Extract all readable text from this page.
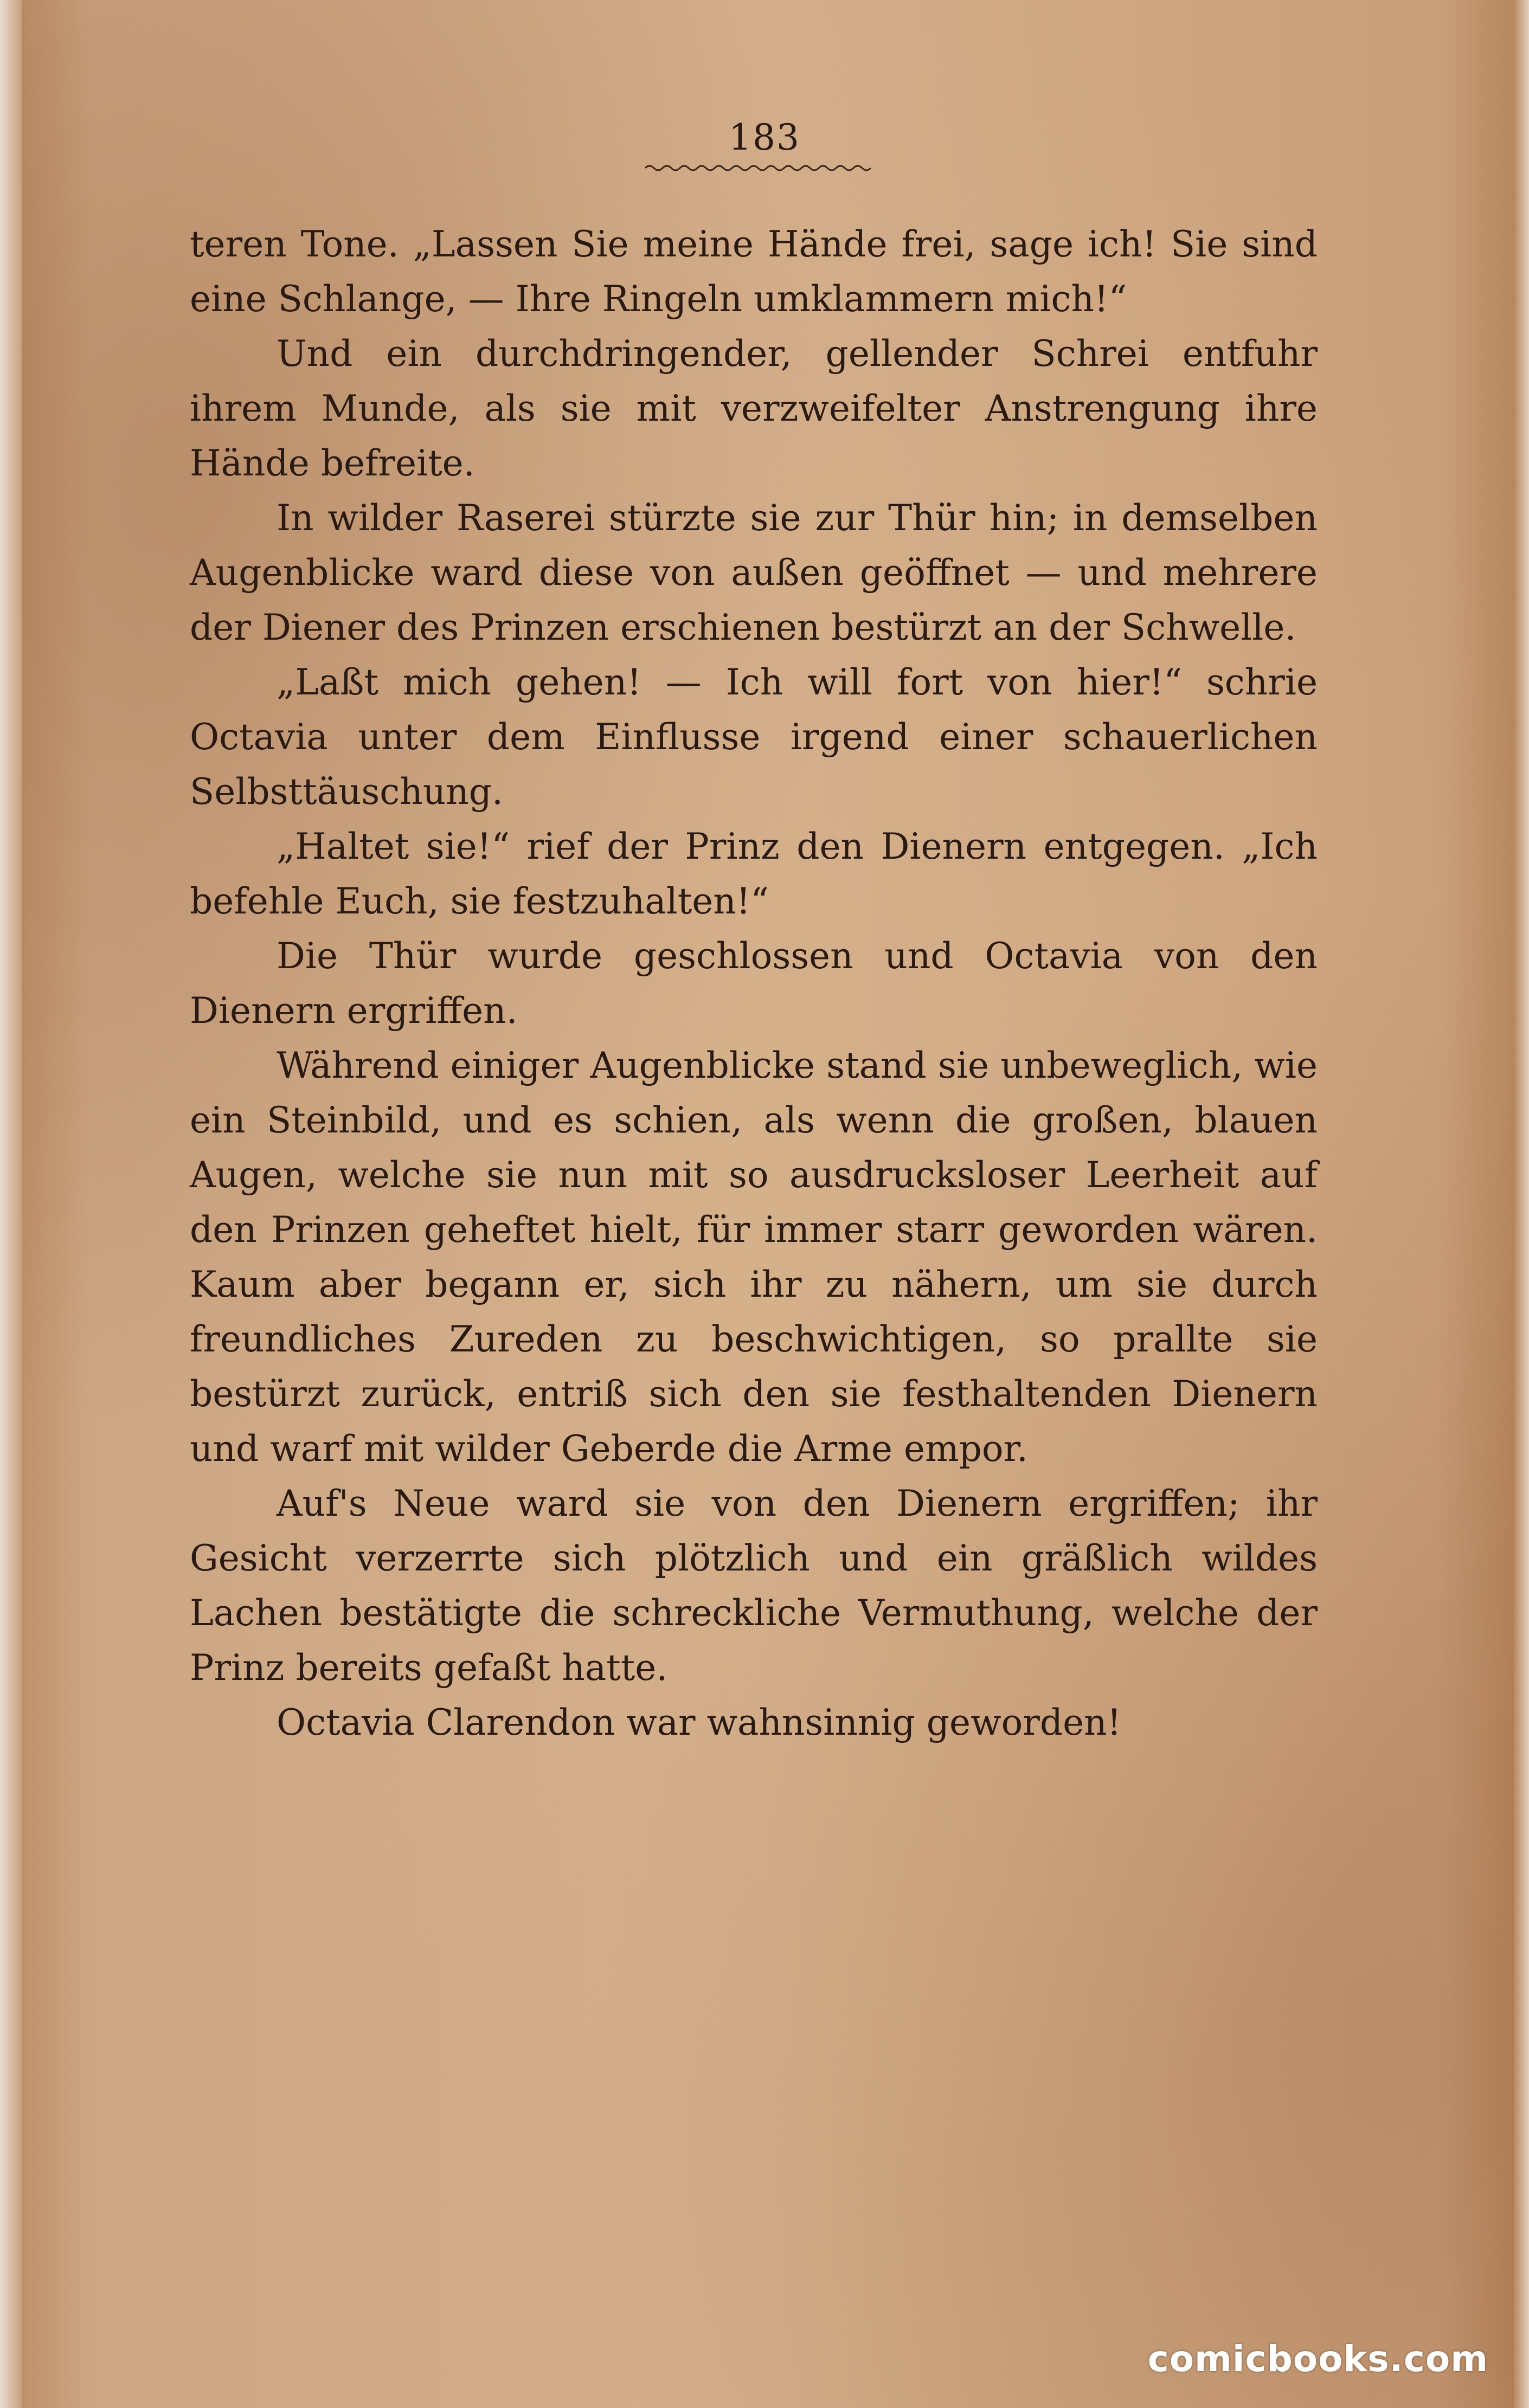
183

teren Tone. „Lassen Sie meine Hände frei, sage ich! Sie sind eine Schlange, — Ihre Ringeln umklammern mich!“

Und ein durchdringender, gellender Schrei entfuhr ihrem Munde, als sie mit verzweifelter Anstrengung ihre Hände befreite.

In wilder Raserei stürzte sie zur Thür hin; in demselben Augenblicke ward diese von außen geöffnet — und mehrere der Diener des Prinzen erschienen bestürzt an der Schwelle.

„Laßt mich gehen! — Ich will fort von hier!“ schrie Octavia unter dem Einflusse irgend einer schauerlichen Selbsttäuschung.

„Haltet sie!“ rief der Prinz den Dienern entgegen. „Ich befehle Euch, sie festzuhalten!“

Die Thür wurde geschlossen und Octavia von den Dienern ergriffen.

Während einiger Augenblicke stand sie unbeweglich, wie ein Steinbild, und es schien, als wenn die großen, blauen Augen, welche sie nun mit so ausdrucksloser Leerheit auf den Prinzen geheftet hielt, für immer starr geworden wären. Kaum aber begann er, sich ihr zu nähern, um sie durch freundliches Zureden zu beschwichtigen, so prallte sie bestürzt zurück, entriß sich den sie festhaltenden Dienern und warf mit wilder Geberde die Arme empor.

Auf's Neue ward sie von den Dienern ergriffen; ihr Gesicht verzerrte sich plötzlich und ein gräßlich wildes Lachen bestätigte die schreckliche Vermuthung, welche der Prinz bereits gefaßt hatte.

Octavia Clarendon war wahnsinnig geworden!

comicbooks.com
